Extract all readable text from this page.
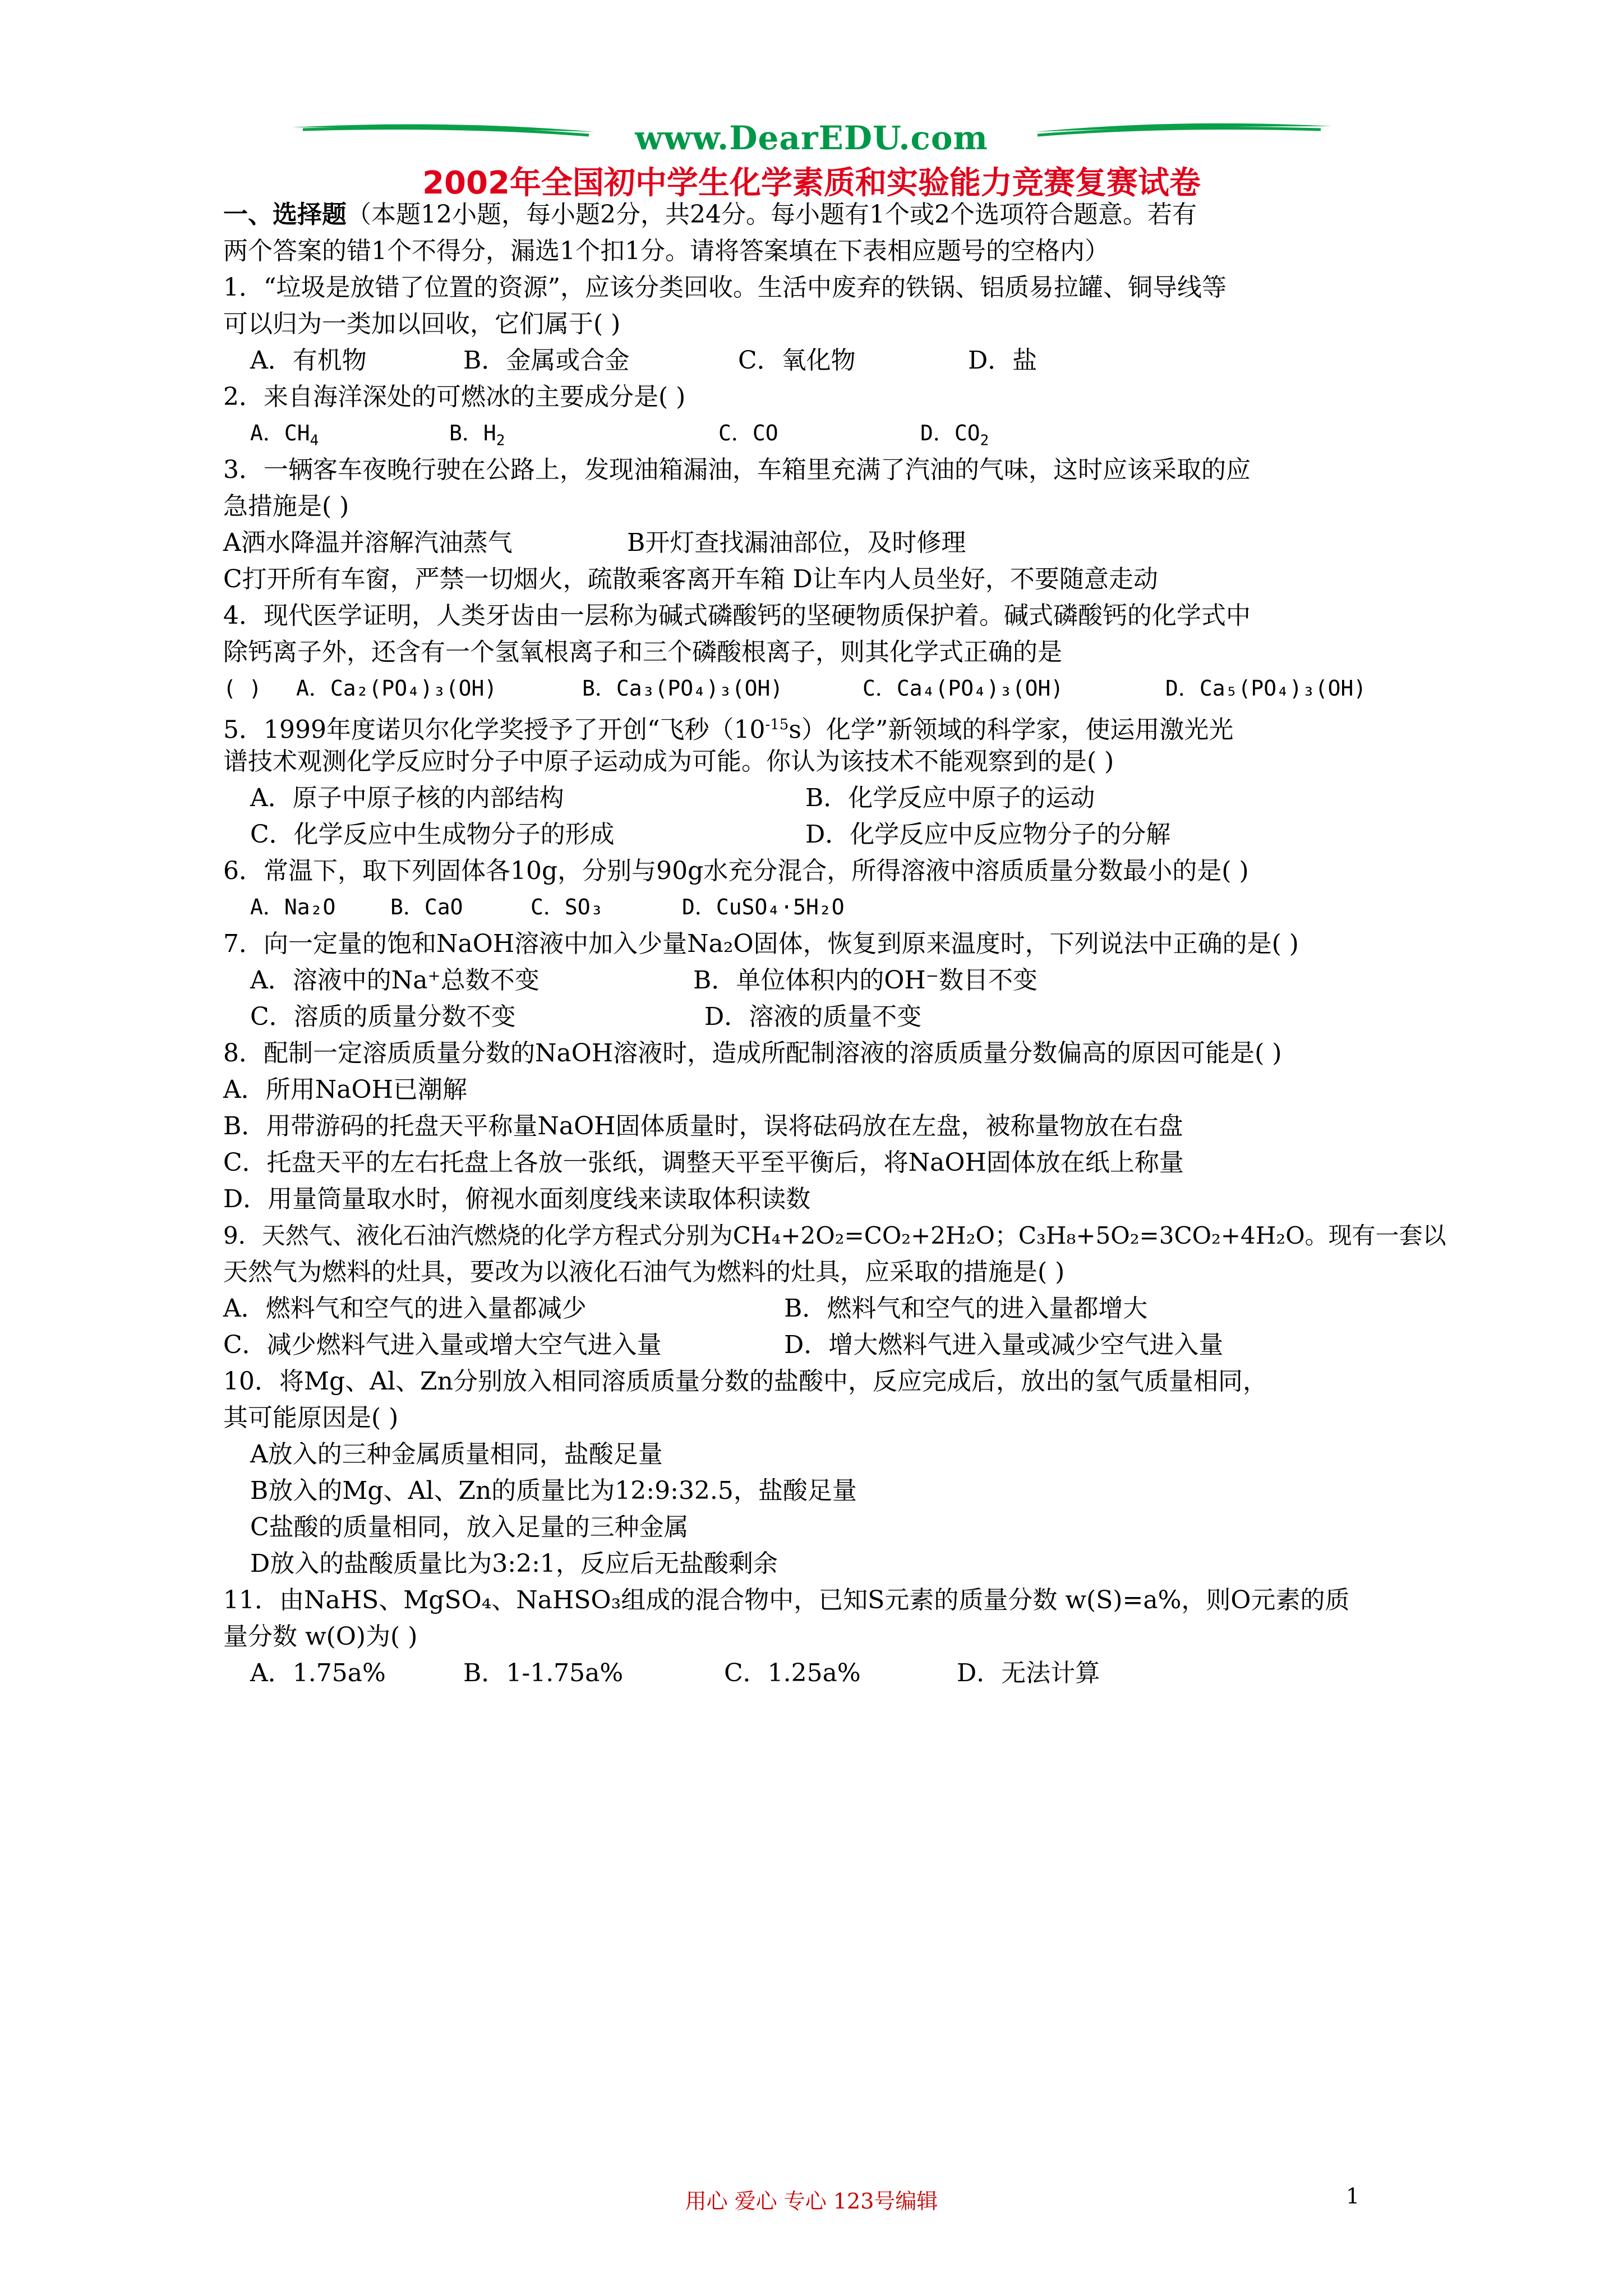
www.DearEDU.com
2002年全国初中学生化学素质和实验能力竞赛复赛试卷
一、选择题（本题12小题，每小题2分，共24分。每小题有1个或2个选项符合题意。若有
两个答案的错1个不得分，漏选1个扣1分。请将答案填在下表相应题号的空格内）
1．“垃圾是放错了位置的资源”，应该分类回收。生活中废弃的铁锅、铝质易拉罐、铜导线等
可以归为一类加以回收，它们属于( )
A．有机物	B．金属或合金	C．氧化物	D．盐
2．来自海洋深处的可燃冰的主要成分是( )
A．$CH_4$	B．$H_2$	C．CO	D．$CO_2$
3．一辆客车夜晚行驶在公路上，发现油箱漏油，车箱里充满了汽油的气味，这时应该采取的应
急措施是( )
A洒水降温并溶解汽油蒸气	B开灯查找漏油部位，及时修理
C打开所有车窗，严禁一切烟火，疏散乘客离开车箱 D让车内人员坐好，不要随意走动
4．现代医学证明，人类牙齿由一层称为碱式磷酸钙的坚硬物质保护着。碱式磷酸钙的化学式中
除钙离子外，还含有一个氢氧根离子和三个磷酸根离子，则其化学式正确的是
( )	A．Ca₂(PO₄)₃(OH)	B．Ca₃(PO₄)₃(OH)	C．Ca₄(PO₄)₃(OH)	D．Ca₅(PO₄)₃(OH)
5．1999年度诺贝尔化学奖授予了开创“飞秒$(10^{-15}s)$化学”新领域的科学家，使运用激光光
谱技术观测化学反应时分子中原子运动成为可能。你认为该技术不能观察到的是( )
A．原子中原子核的内部结构	B．化学反应中原子的运动
C．化学反应中生成物分子的形成	D．化学反应中反应物分子的分解
6．常温下，取下列固体各10g，分别与90g水充分混合，所得溶液中溶质质量分数最小的是( )
A．Na₂O	B．CaO	C．SO₃	D．CuSO₄·5H₂O
7．向一定量的饱和NaOH溶液中加入少量Na₂O固体，恢复到原来温度时，下列说法中正确的是( )
A．溶液中的Na⁺总数不变	B．单位体积内的OH⁻数目不变
C．溶质的质量分数不变	D．溶液的质量不变
8．配制一定溶质质量分数的NaOH溶液时，造成所配制溶液的溶质质量分数偏高的原因可能是( )
A．所用NaOH已潮解
B．用带游码的托盘天平称量NaOH固体质量时，误将砝码放在左盘，被称量物放在右盘
C．托盘天平的左右托盘上各放一张纸，调整天平至平衡后，将NaOH固体放在纸上称量
D．用量筒量取水时，俯视水面刻度线来读取体积读数
9．天然气、液化石油汽燃烧的化学方程式分别为CH₄+2O₂=CO₂+2H₂O；C₃H₈+5O₂=3CO₂+4H₂O。现有一套以
天然气为燃料的灶具，要改为以液化石油气为燃料的灶具，应采取的措施是( )
A．燃料气和空气的进入量都减少	B．燃料气和空气的进入量都增大
C．减少燃料气进入量或增大空气进入量	D．增大燃料气进入量或减少空气进入量
10．将Mg、Al、Zn分别放入相同溶质质量分数的盐酸中，反应完成后，放出的氢气质量相同，
其可能原因是( )
A放入的三种金属质量相同，盐酸足量
B放入的Mg、Al、Zn的质量比为12:9:32.5，盐酸足量
C盐酸的质量相同，放入足量的三种金属
D放入的盐酸质量比为3:2:1，反应后无盐酸剩余
11．由NaHS、MgSO₄、NaHSO₃组成的混合物中，已知S元素的质量分数 w(S)=a%，则O元素的质
量分数 w(O)为( )
A．1.75a%	B．1-1.75a%	C．1.25a%	D．无法计算
用心 爱心 专心 123号编辑	1
